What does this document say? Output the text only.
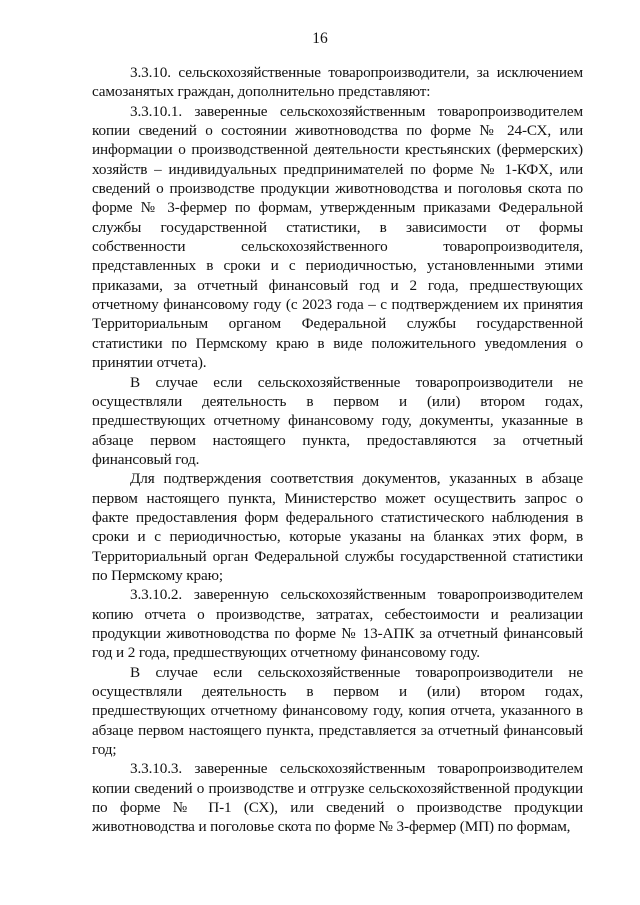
16

3.3.10. сельскохозяйственные товаропроизводители, за исключением самозанятых граждан, дополнительно представляют:

3.3.10.1. заверенные сельскохозяйственным товаропроизводителем копии сведений о состоянии животноводства по форме № 24-СХ, или информации о производственной деятельности крестьянских (фермерских) хозяйств – индивидуальных предпринимателей по форме № 1-КФХ, или сведений о производстве продукции животноводства и поголовья скота по форме № 3-фермер по формам, утвержденным приказами Федеральной службы государственной статистики, в зависимости от формы собственности сельскохозяйственного товаропроизводителя, представленных в сроки и с периодичностью, установленными этими приказами, за отчетный финансовый год и 2 года, предшествующих отчетному финансовому году (с 2023 года – с подтверждением их принятия Территориальным органом Федеральной службы государственной статистики по Пермскому краю в виде положительного уведомления о принятии отчета).

В случае если сельскохозяйственные товаропроизводители не осуществляли деятельность в первом и (или) втором годах, предшествующих отчетному финансовому году, документы, указанные в абзаце первом настоящего пункта, предоставляются за отчетный финансовый год.

Для подтверждения соответствия документов, указанных в абзаце первом настоящего пункта, Министерство может осуществить запрос о факте предоставления форм федерального статистического наблюдения в сроки и с периодичностью, которые указаны на бланках этих форм, в Территориальный орган Федеральной службы государственной статистики по Пермскому краю;

3.3.10.2. заверенную сельскохозяйственным товаропроизводителем копию отчета о производстве, затратах, себестоимости и реализации продукции животноводства по форме № 13-АПК за отчетный финансовый год и 2 года, предшествующих отчетному финансовому году.

В случае если сельскохозяйственные товаропроизводители не осуществляли деятельность в первом и (или) втором годах, предшествующих отчетному финансовому году, копия отчета, указанного в абзаце первом настоящего пункта, представляется за отчетный финансовый год;

3.3.10.3. заверенные сельскохозяйственным товаропроизводителем копии сведений о производстве и отгрузке сельскохозяйственной продукции по форме № П-1 (СХ), или сведений о производстве продукции животноводства и поголовье скота по форме № 3-фермер (МП) по формам,
